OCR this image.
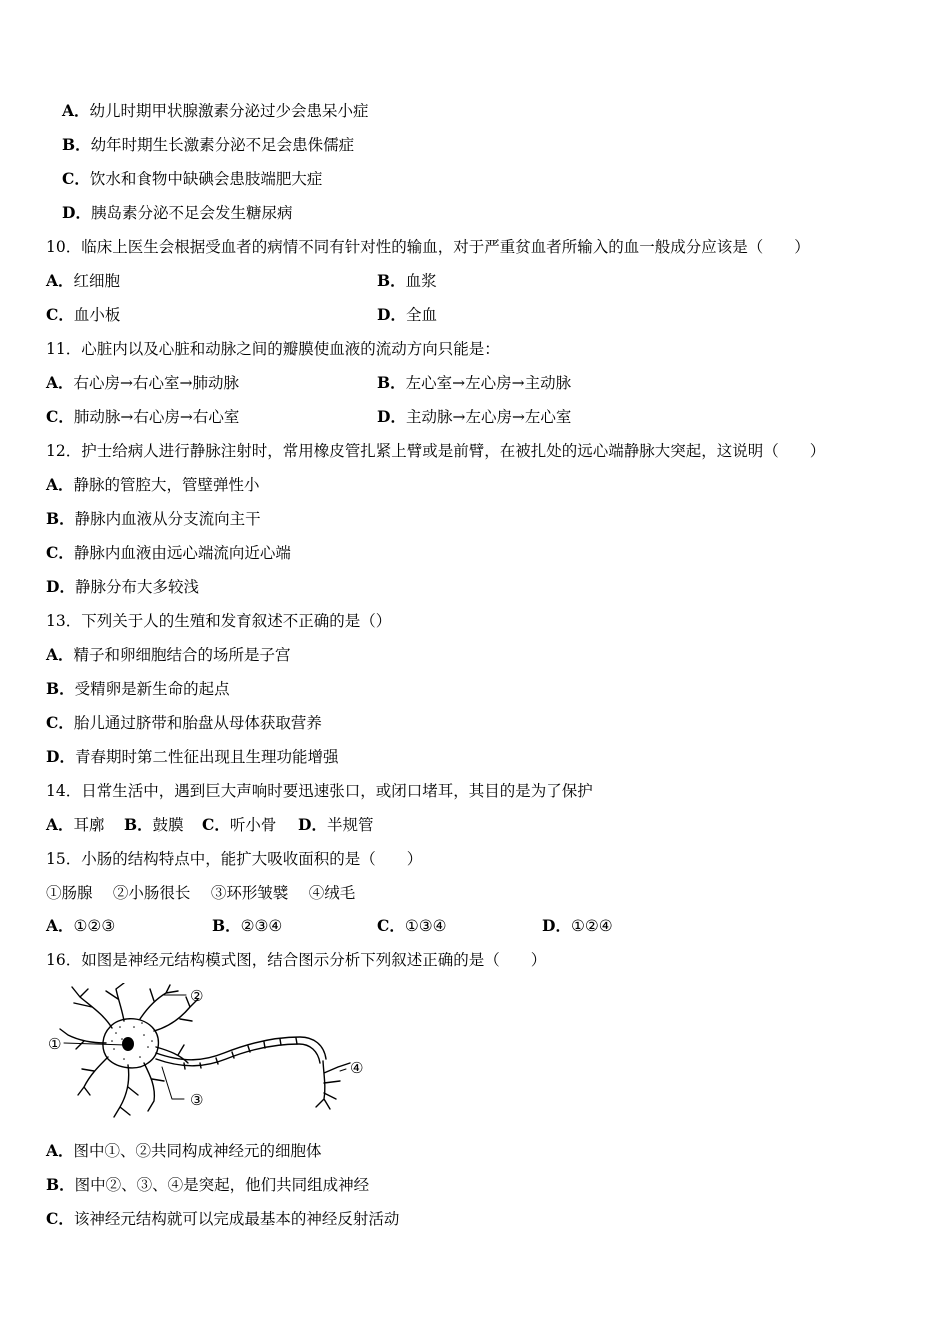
A．幼儿时期甲状腺激素分泌过少会患呆小症
B．幼年时期生长激素分泌不足会患侏儒症
C．饮水和食物中缺碘会患肢端肥大症
D．胰岛素分泌不足会发生糖尿病
10．临床上医生会根据受血者的病情不同有针对性的输血，对于严重贫血者所输入的血一般成分应该是（　　）
A．红细胞	B．血浆
C．血小板	D．全血
11．心脏内以及心脏和动脉之间的瓣膜使血液的流动方向只能是：
A．右心房→右心室→肺动脉	B．左心室→左心房→主动脉
C．肺动脉→右心房→右心室	D．主动脉→左心房→左心室
12．护士给病人进行静脉注射时，常用橡皮管扎紧上臂或是前臂，在被扎处的远心端静脉大突起，这说明（　　）
A．静脉的管腔大，管壁弹性小
B．静脉内血液从分支流向主干
C．静脉内血液由远心端流向近心端
D．静脉分布大多较浅
13．下列关于人的生殖和发育叙述不正确的是（）
A．精子和卵细胞结合的场所是子宫
B．受精卵是新生命的起点
C．胎儿通过脐带和胎盘从母体获取营养
D．青春期时第二性征出现且生理功能增强
14．日常生活中，遇到巨大声响时要迅速张口，或闭口堵耳，其目的是为了保护
A．耳廓 B．鼓膜 C．听小骨 D．半规管
15．小肠的结构特点中，能扩大吸收面积的是（　　）
①肠腺　 ②小肠很长　 ③环形皱襞　 ④绒毛
A．①②③	B．②③④	C．①③④	D．①②④
16．如图是神经元结构模式图，结合图示分析下列叙述正确的是（　　）
①
②
③
④
A．图中①、②共同构成神经元的细胞体
B．图中②、③、④是突起，他们共同组成神经
C．该神经元结构就可以完成最基本的神经反射活动
